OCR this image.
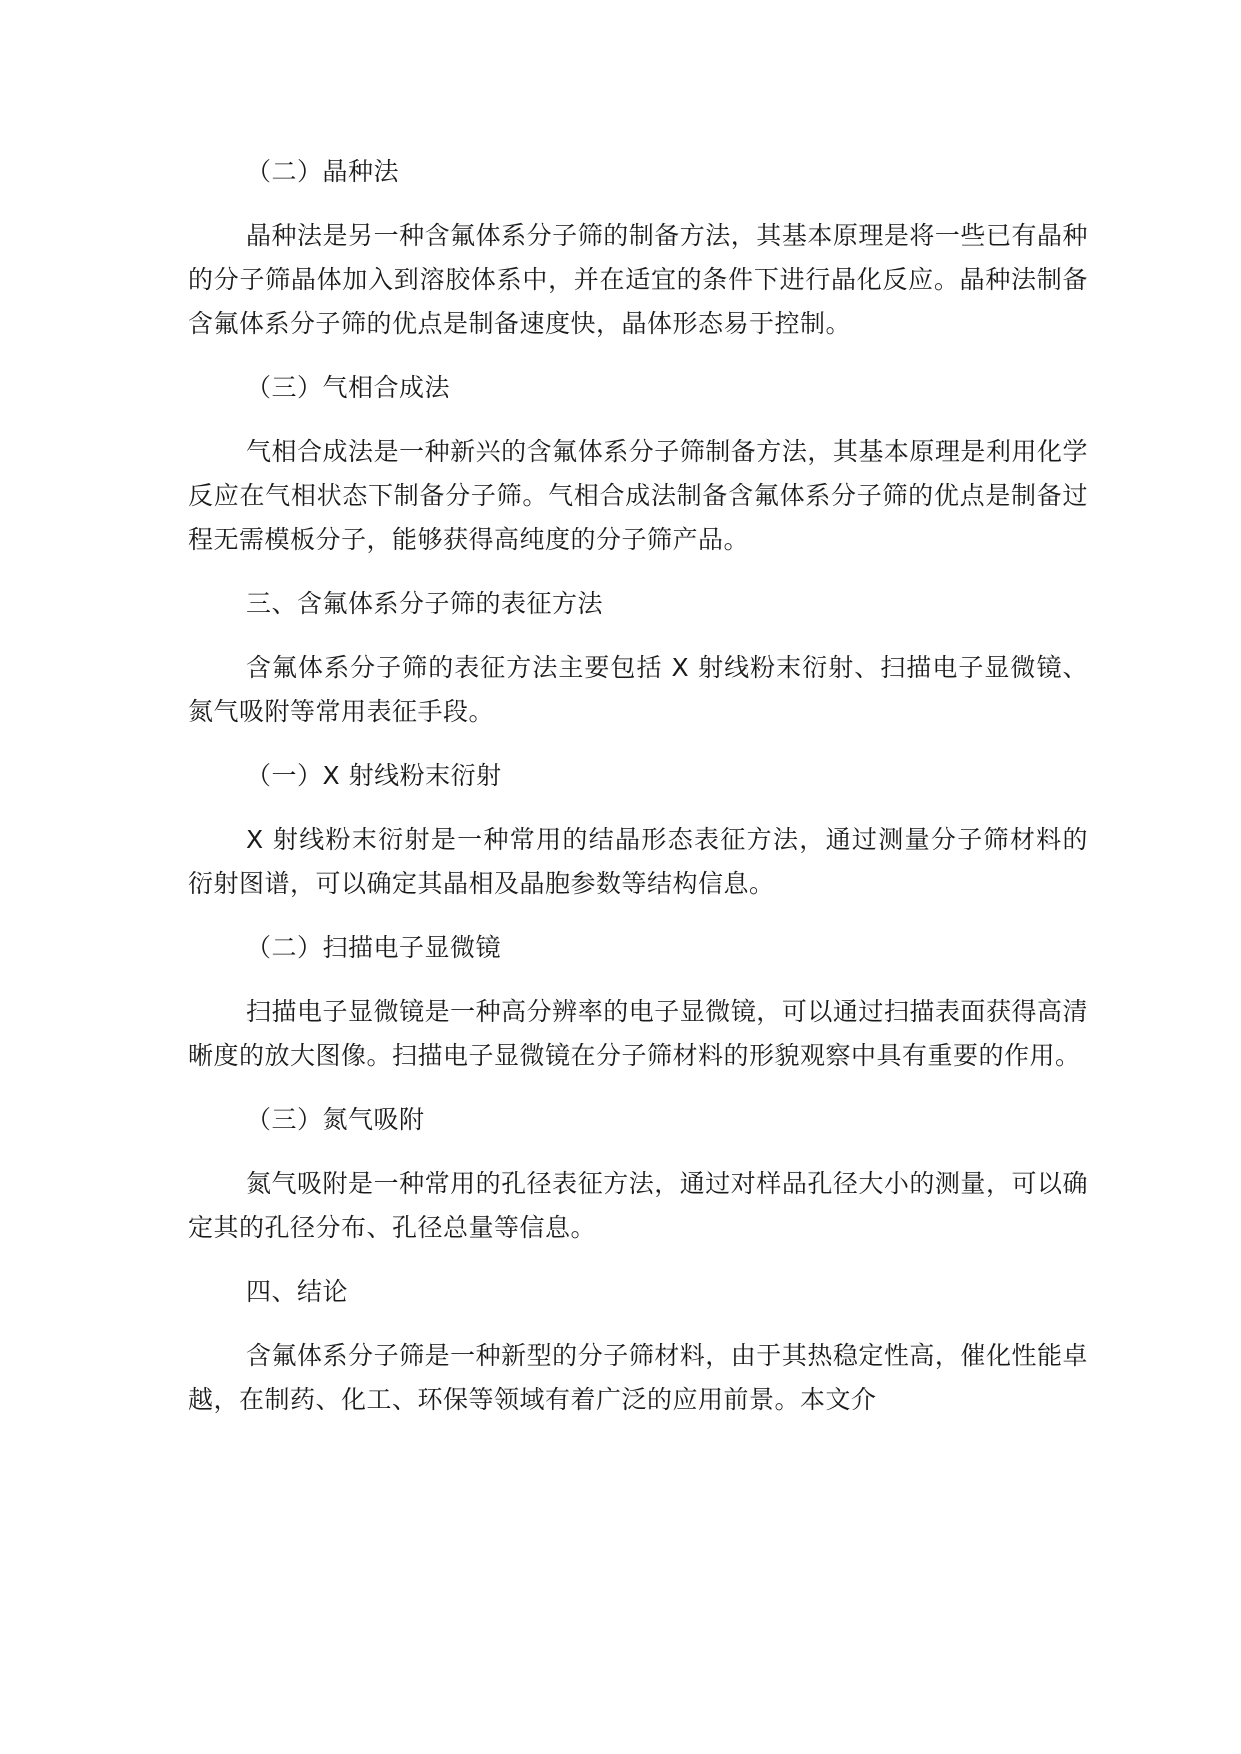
（二）晶种法

晶种法是另一种含氟体系分子筛的制备方法，其基本原理是将一些已有晶种的分子筛晶体加入到溶胶体系中，并在适宜的条件下进行晶化反应。晶种法制备含氟体系分子筛的优点是制备速度快，晶体形态易于控制。

（三）气相合成法

气相合成法是一种新兴的含氟体系分子筛制备方法，其基本原理是利用化学反应在气相状态下制备分子筛。气相合成法制备含氟体系分子筛的优点是制备过程无需模板分子，能够获得高纯度的分子筛产品。

三、含氟体系分子筛的表征方法

含氟体系分子筛的表征方法主要包括 X 射线粉末衍射、扫描电子显微镜、氮气吸附等常用表征手段。

（一）X 射线粉末衍射

X 射线粉末衍射是一种常用的结晶形态表征方法，通过测量分子筛材料的衍射图谱，可以确定其晶相及晶胞参数等结构信息。

（二）扫描电子显微镜

扫描电子显微镜是一种高分辨率的电子显微镜，可以通过扫描表面获得高清晰度的放大图像。扫描电子显微镜在分子筛材料的形貌观察中具有重要的作用。

（三）氮气吸附

氮气吸附是一种常用的孔径表征方法，通过对样品孔径大小的测量，可以确定其的孔径分布、孔径总量等信息。

四、结论

含氟体系分子筛是一种新型的分子筛材料，由于其热稳定性高，催化性能卓越，在制药、化工、环保等领域有着广泛的应用前景。本文介
